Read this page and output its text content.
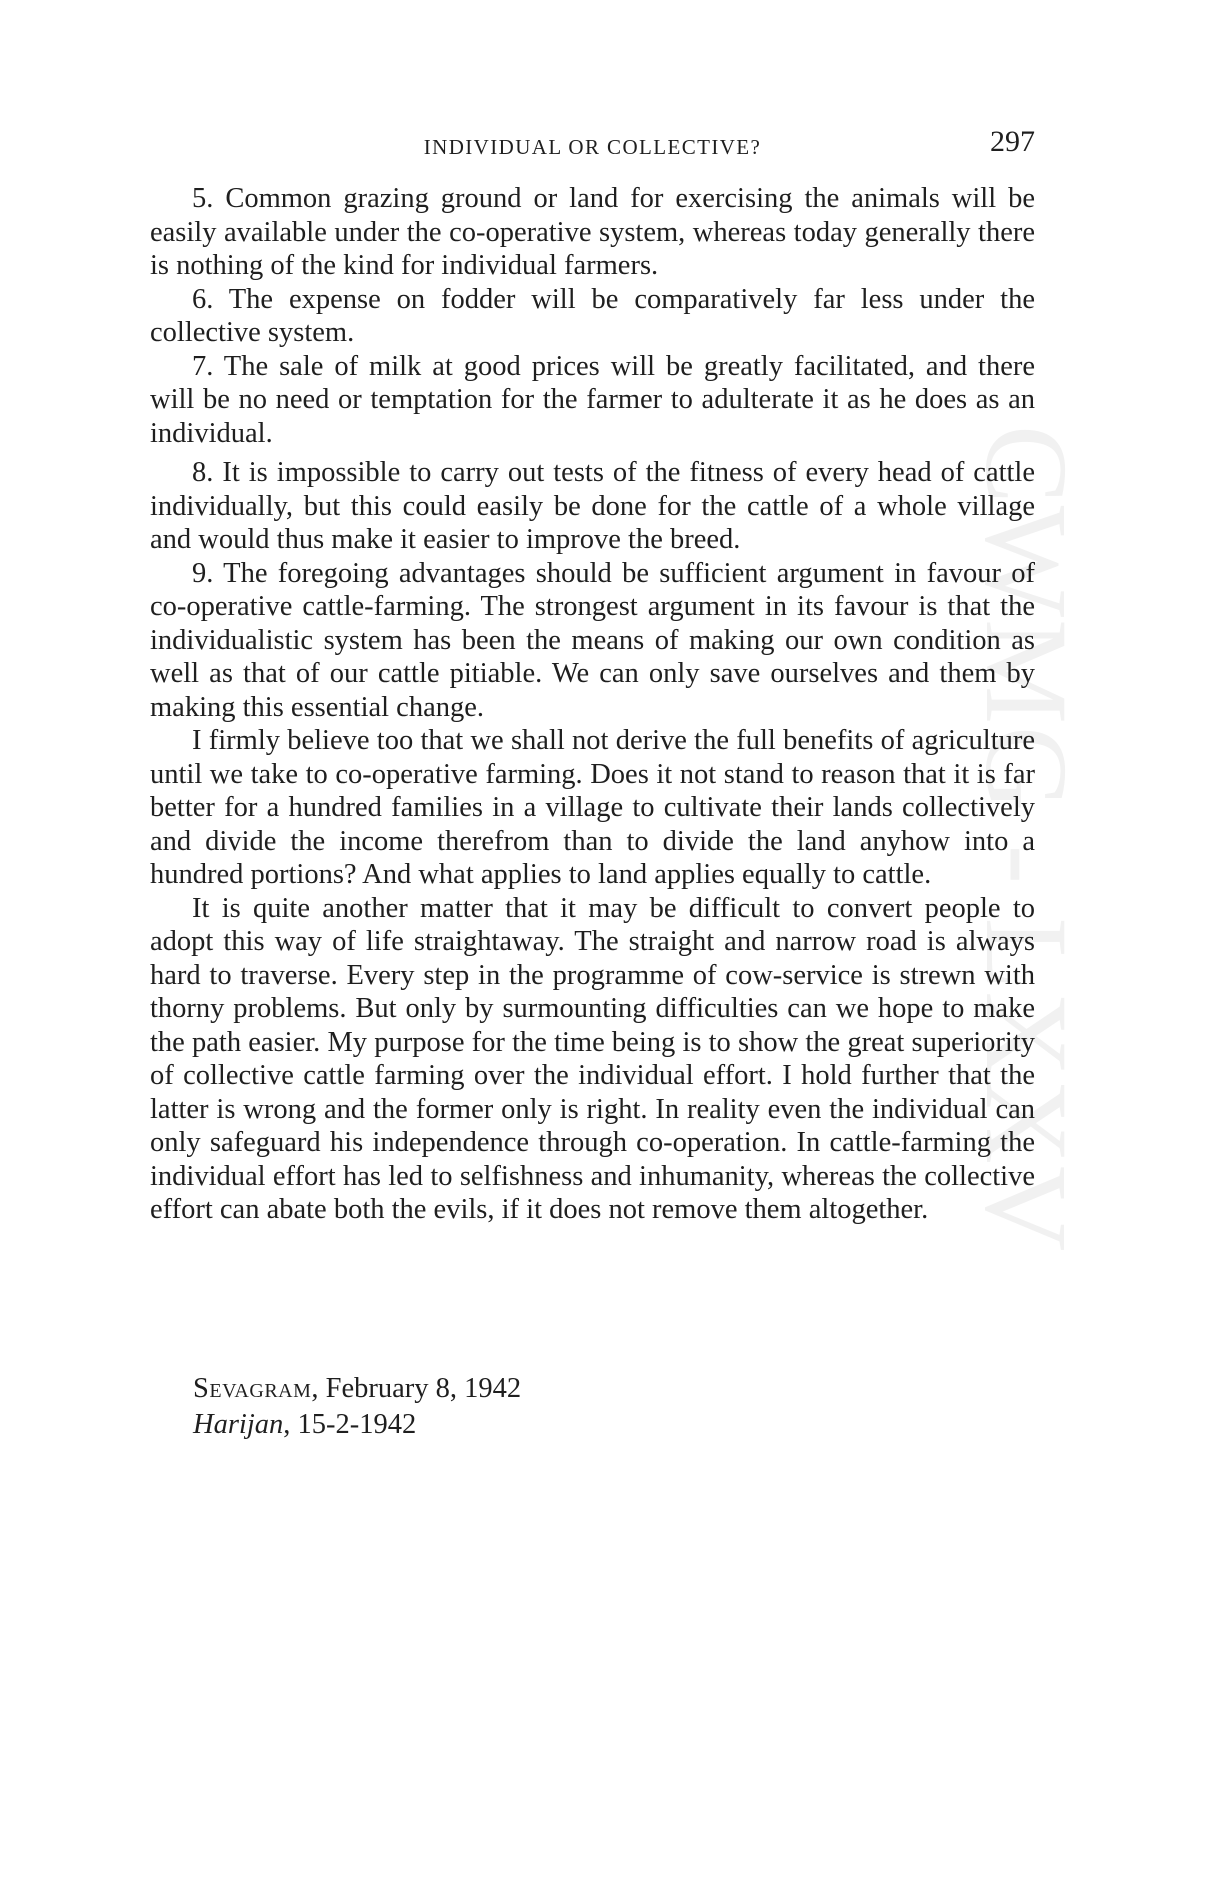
CWMG - LXXV
INDIVIDUAL OR COLLECTIVE?	297

5. Common grazing ground or land for exercising the animals will be easily available under the co-operative system, whereas today generally there is nothing of the kind for individual farmers.

6. The expense on fodder will be comparatively far less under the collective system.

7. The sale of milk at good prices will be greatly facilitated, and there will be no need or temptation for the farmer to adulterate it as he does as an individual.

8. It is impossible to carry out tests of the fitness of every head of cattle individually, but this could easily be done for the cattle of a whole village and would thus make it easier to improve the breed.

9. The foregoing advantages should be sufficient argument in favour of co-operative cattle-farming. The strongest argument in its favour is that the individualistic system has been the means of making our own condition as well as that of our cattle pitiable. We can only save ourselves and them by making this essential change.

I firmly believe too that we shall not derive the full benefits of agriculture until we take to co-operative farming. Does it not stand to reason that it is far better for a hundred families in a village to cultivate their lands collectively and divide the income therefrom than to divide the land anyhow into a hundred portions? And what applies to land applies equally to cattle.

It is quite another matter that it may be difficult to convert people to adopt this way of life straightaway. The straight and narrow road is always hard to traverse. Every step in the programme of cow-service is strewn with thorny problems. But only by surmounting difficulties can we hope to make the path easier. My purpose for the time being is to show the great superiority of collective cattle farming over the individual effort. I hold further that the latter is wrong and the former only is right. In reality even the individual can only safeguard his independence through co-operation. In cattle-farming the individual effort has led to selfishness and inhumanity, whereas the collective effort can abate both the evils, if it does not remove them altogether.

Sevagram, February 8, 1942
Harijan, 15-2-1942
